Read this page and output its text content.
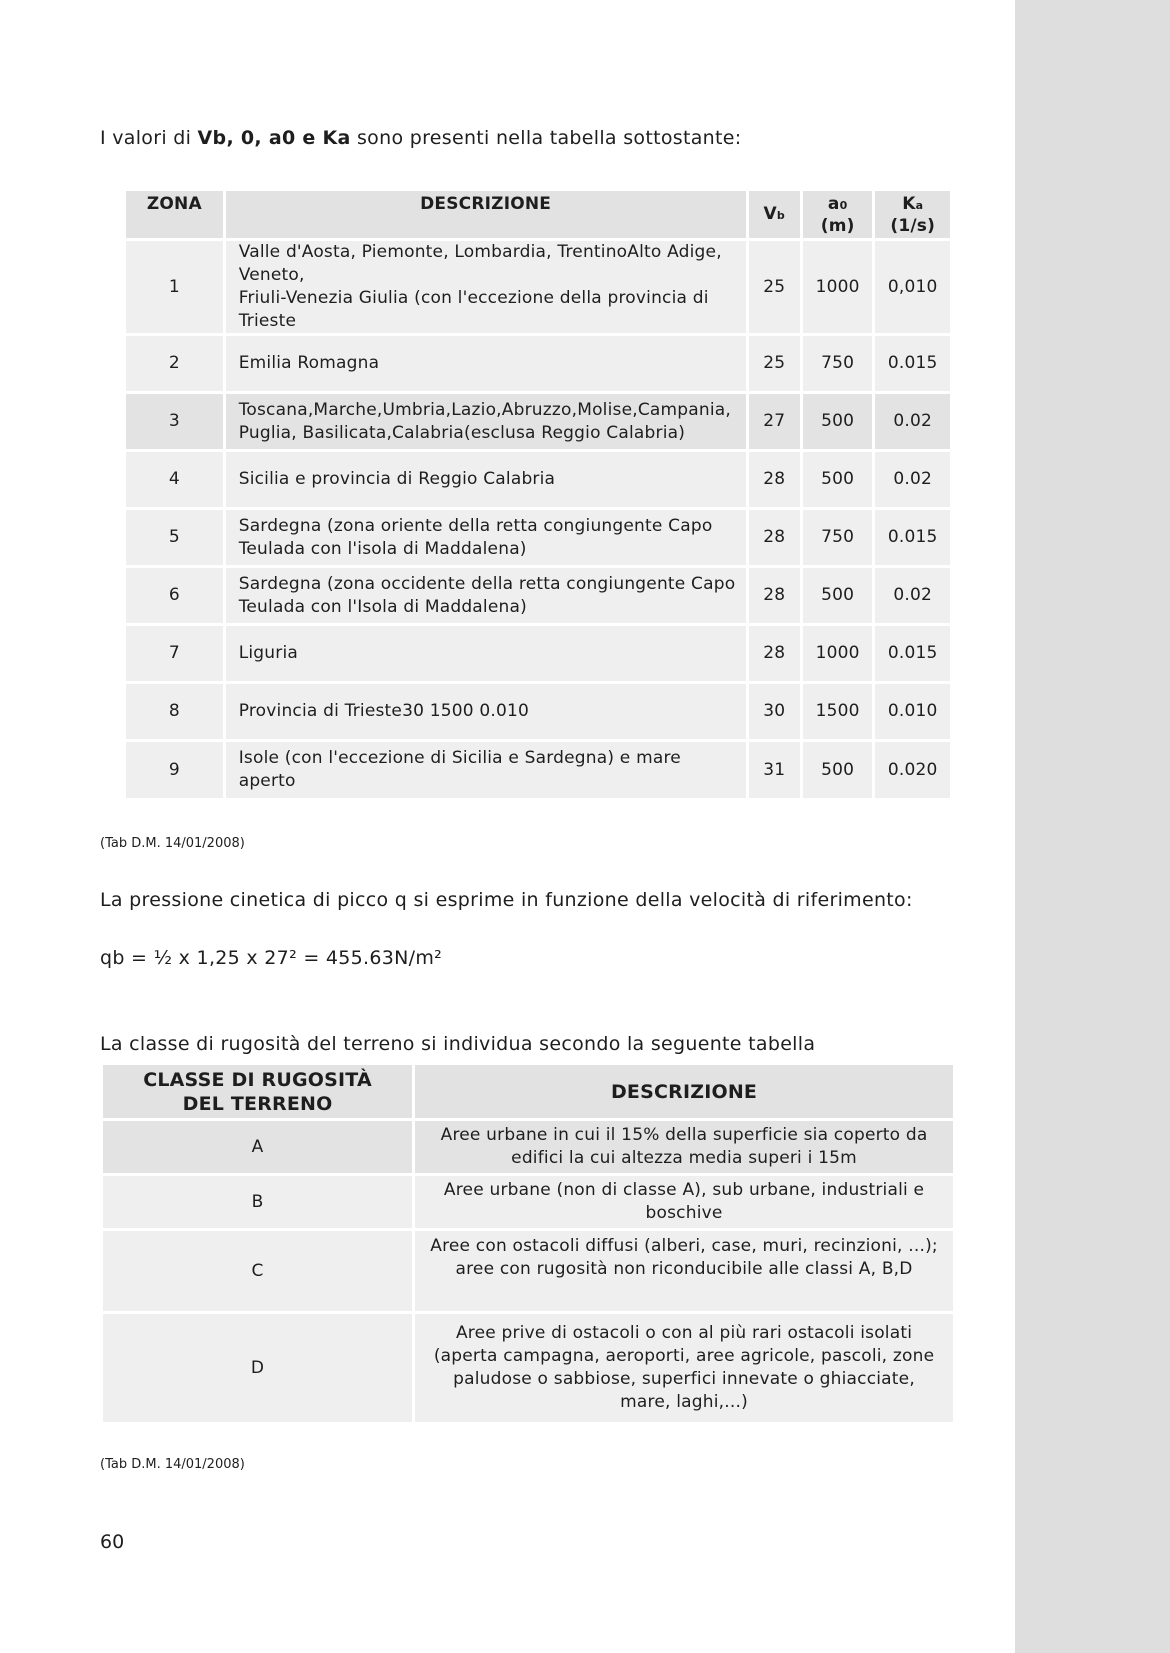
I valori di Vb, 0, a0 e Ka sono presenti nella tabella sottostante:

ZONA	DESCRIZIONE	Vb	a0
(m)	Ka
(1/s)
1	Valle d'Aosta, Piemonte, Lombardia, TrentinoAlto Adige,
Veneto,
Friuli-Venezia Giulia (con l'eccezione della provincia di
Trieste	25	1000	0,010
2	Emilia Romagna	25	750	0.015
3	Toscana,Marche,Umbria,Lazio,Abruzzo,Molise,Campania,
Puglia, Basilicata,Calabria(esclusa Reggio Calabria)	27	500	0.02
4	Sicilia e provincia di Reggio Calabria	28	500	0.02
5	Sardegna (zona oriente della retta congiungente Capo
Teulada con l'isola di Maddalena)	28	750	0.015
6	Sardegna (zona occidente della retta congiungente Capo
Teulada con l'Isola di Maddalena)	28	500	0.02
7	Liguria	28	1000	0.015
8	Provincia di Trieste30 1500 0.010	30	1500	0.010
9	Isole (con l'eccezione di Sicilia e Sardegna) e mare
aperto	31	500	0.020

(Tab D.M. 14/01/2008)

La pressione cinetica di picco q si esprime in funzione della velocità di riferimento:

qb = ½ x 1,25 x 27² = 455.63N/m²

La classe di rugosità del terreno si individua secondo la seguente tabella

CLASSE DI RUGOSITÀ
DEL TERRENO	DESCRIZIONE
A	Aree urbane in cui il 15% della superficie sia coperto da
edifici la cui altezza media superi i 15m
B	Aree urbane (non di classe A), sub urbane, industriali e
boschive
C	Aree con ostacoli diffusi (alberi, case, muri, recinzioni, ...);
aree con rugosità non riconducibile alle classi A, B,D
D	Aree prive di ostacoli o con al più rari ostacoli isolati
(aperta campagna, aeroporti, aree agricole, pascoli, zone
paludose o sabbiose, superfici innevate o ghiacciate,
mare, laghi,...)

(Tab D.M. 14/01/2008)

60
